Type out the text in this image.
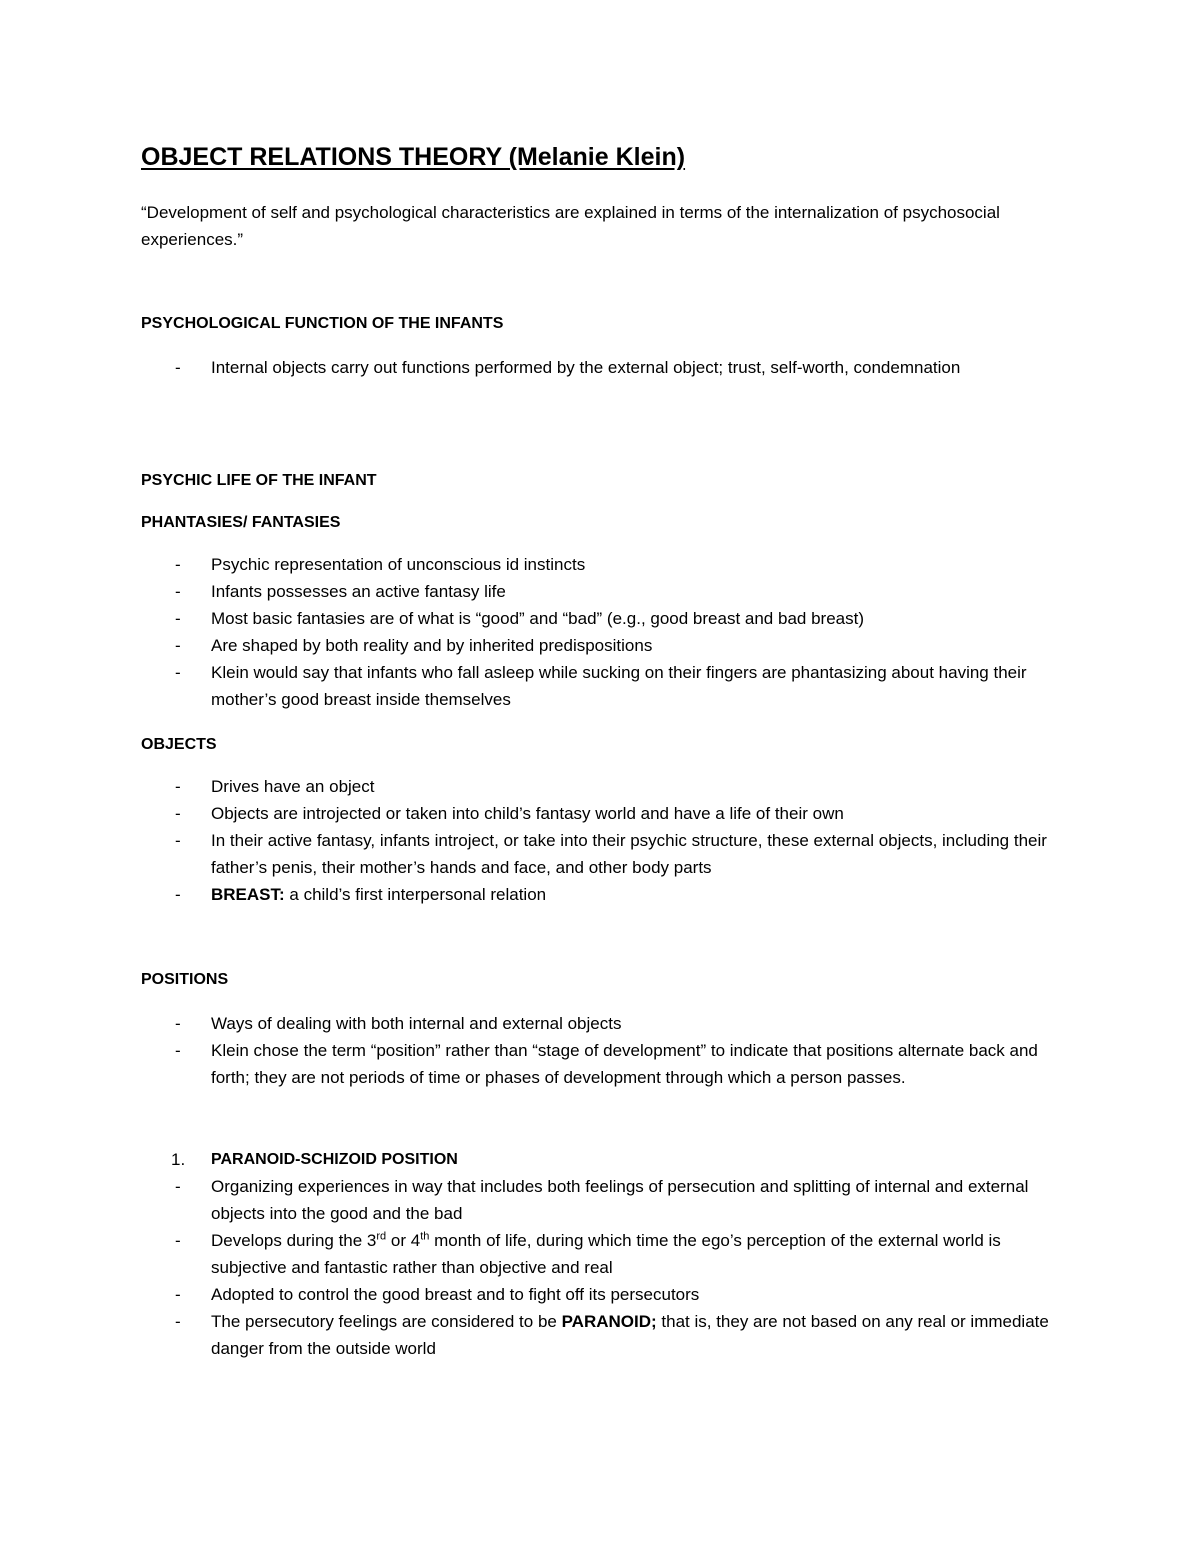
OBJECT RELATIONS THEORY (Melanie Klein)

“Development of self and psychological characteristics are explained in terms of the internalization of psychosocial experiences.”

PSYCHOLOGICAL FUNCTION OF THE INFANTS
- Internal objects carry out functions performed by the external object; trust, self-worth, condemnation
PSYCHIC LIFE OF THE INFANT
PHANTASIES/ FANTASIES
- Psychic representation of unconscious id instincts
- Infants possesses an active fantasy life
- Most basic fantasies are of what is “good” and “bad” (e.g., good breast and bad breast)
- Are shaped by both reality and by inherited predispositions
- Klein would say that infants who fall asleep while sucking on their fingers are phantasizing about having their mother’s good breast inside themselves
OBJECTS
- Drives have an object
- Objects are introjected or taken into child’s fantasy world and have a life of their own
- In their active fantasy, infants introject, or take into their psychic structure, these external objects, including their father’s penis, their mother’s hands and face, and other body parts
- BREAST: a child’s first interpersonal relation
POSITIONS
- Ways of dealing with both internal and external objects
- Klein chose the term “position” rather than “stage of development” to indicate that positions alternate back and forth; they are not periods of time or phases of development through which a person passes.
1. PARANOID-SCHIZOID POSITION
- Organizing experiences in way that includes both feelings of persecution and splitting of internal and external objects into the good and the bad
- Develops during the 3rd or 4th month of life, during which time the ego’s perception of the external world is subjective and fantastic rather than objective and real
- Adopted to control the good breast and to fight off its persecutors
- The persecutory feelings are considered to be PARANOID; that is, they are not based on any real or immediate danger from the outside world
